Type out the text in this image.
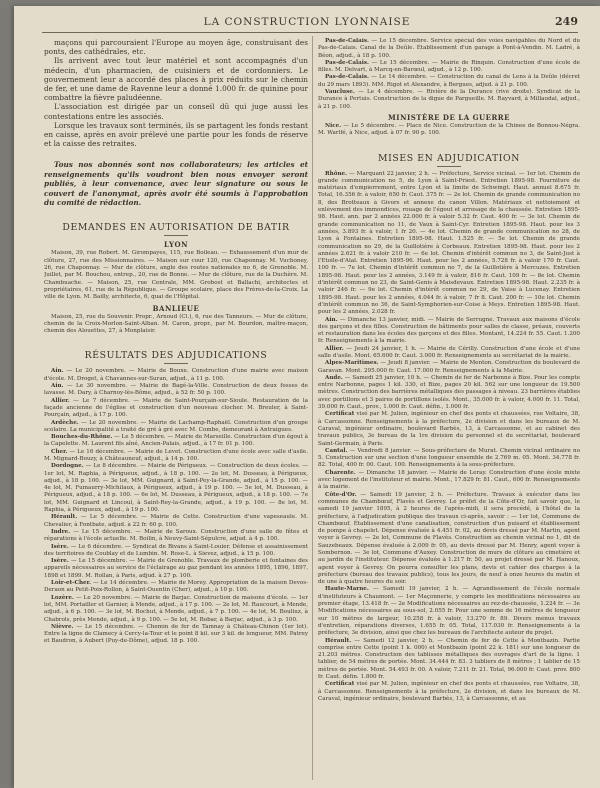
LA CONSTRUCTION LYONNAISE	249

maçons qui parcouraient l'Europe au moyen âge, construisant des ponts, des cathédrales, etc.

Ils arrivent avec tout leur matériel et sont accompagnés d'un médecin, d'un pharmacien, de cuisiniers et de cordonniers. Le gouvernement leur a accordé des places à prix réduits sur le chemin de fer, et une dame de Ravenne leur a donné 1.000 fr. de quinine pour combattre la fièvre paludéenne.

L'association est dirigée par un conseil dû qui juge aussi les contestations entre les associés.

Lorsque les travaux sont terminés, ils se partagent les fonds restant en caisse, après en avoir prélevé une partie pour les fonds de réserve et la caisse des retraites.

Tous nos abonnés sont nos collaborateurs; les articles et renseignements qu'ils voudront bien nous envoyer seront publiés, à leur convenance, avec leur signature ou sous le couvert de l'anonymat, après avoir été soumis à l'approbation du comité de rédaction.

DEMANDES EN AUTORISATION DE BATIR
LYON

Maison, 39, rue Robert. M. Girompayes, 115, rue Boileau. — Exhaussement d'un mur de clôture, 27, rue des Missionnaires. — Maison sur cour 120, rue Chaponnay. M. Vuchoney, 26, rue Chaponnay. — Mur de clôture, angle des routes nationales no 6, de Grenoble. M. Juillet, par M. Bouchou, entrep., 20, rue de Bonne. — Mur de clôture, rue de la Duchère. M. Chambuache. — Maison, 25, rue Centrale, MM. Grobost et Ballachi, architectes et propriétaires, 61, rue de la République. — Groupe scolaire, place des Frères-de-la-Croix. La ville de Lyon. M. Bailly, architecte, 6, quai de l'Hôpital.

BANLIEUE

Maison, 25, rue du Souvenir. Propr., Arnoud (Cl.), 6, rue des Tanneurs. — Mur de clôture, chemin de la Croix-Morlon-Saint-Alban. M. Caron, propr., par M. Bourdon, maître-maçon, chemin des Alouettes, 27, à Monplaisir.

RÉSULTATS DES ADJUDICATIONS

Ain. — Le 20 novembre. — Mairie de Bouxe. Construction d'une mairie avec maison d'école. M. Droget, à Chavannes-sur-Suran, adjud., à 11 p. 100.

Ain. — Le 30 novembre. — Mairie de Bagé-la-Ville. Construction de deux fosses de lavasse. M. Dary, à Charnoy-lès-Bôme, adjud., à 52 fr. 50 p. 100.

Allier. — Le 7 décembre. — Mairie de Saint-Pourçain-sur-Sioule. Restauration de la façade ancienne de l'église et construction d'un nouveau clocher. M. Breuler, à Saint-Pourçain, adjud., à 17 p. 100.

Ardèche. — Le 20 novembre. — Mairie de Lachamp-Raphaël. Construction d'un groupe scolaire. La municipalité a traité de gré à gré avec M. Combe, demeurant à Antraigues.

Bouches-du-Rhône. — Le 5 décembre. — Mairie de Marseille. Construction d'un égout à la Capelette. M. Laurent fils aîné, Ancien-Palais, adjud., à 17 fr. 01 p. 100.

Cher. — Le 16 décembre. — Mairie de Levet. Construction d'une école avec salle d'asile. M. Mignard-Bouzy, à Châteauneuf, adjud., à 14 p. 100.

Dordogne. — Le 8 décembre. — Mairie de Périgueux. — Construction de deux écoles. — 1er lot, M. Raphia, à Périgueux, adjud., à 18 p. 100. — 2e lot, M. Dusseau, à Périgueux, adjud., à 18 p. 100. — 3e lot, MM. Guignard, à Saint-Pey-la-Grande, adjud., à 15 p. 100. — 4e lot, M. Fumaurry-Michilaux, à Périgueux, adjud., à 19 p. 100. — 5e lot, M. Dusseau, à Périgueux, adjud., à 18 p. 100. — 6e lot, M. Dusseau, à Périgueux, adjud., à 18 p. 100. — 7e lot, MM. Guignard et Lincoul, à Saint-Rey-la-Grande, adjud., à 19 p. 100. — 8e lot, M. Raphia, à Périgueux, adjud., à 19 p. 100.

Hérault. — Le 5 décembre. — Mairie de Cette. Construction d'une vapeseaule. M. Chevalier, à Fontbate, adjud. à 22 fr. 60 p. 100.

Indre. — Le 15 décembre. — Mairie de Saroux. Construction d'une salle de fêtes et réparations à l'école actuelle. M. Boilin, à Neuvy-Saint-Sépulcre, adjud. à 4 p. 100.

Isère. — Le 6 décembre. — Syndicat de Bivans à Saint-Louier. Défense et assainissement des territoires de Coublay et de Lumbin. M. Rose-L. à Sievez, adjud., à 15 p. 100.

Isère. — Le 15 décembre. — Mairie de Grenoble. Travaux de plomberie et fontaines des appareils nécessaires au service de l'éclairage au gaz pendant les années 1895, 1896, 1897, 1898 et 1899. M. Rollan, à Paris, adjud. à 27 p. 100.

Loir-et-Cher. — Le 14 décembre. — Mairie de Morey. Appropriation de la maison Devos-Deraon au Petit-Poix-Rollon, à Saint-Ouentin (Cher), adjud., à 10 p. 100.

Lozère. — Le 20 novembre. — Mairie de Barjac. Construction de maisons d'école. — 1er lot, MM. Portailler et Garnier, à Mende, adjud., à 17 p. 100. — 2e lot, M. Raucourt, à Mende, adjud., à 6 p. 100. — 3e lot, M. Bochut, à Mende, adjud., à 7 p. 100. — 4e lot, M. Bouliuz, à Chabrols, près Mende, adjud., à 9 p. 100. — 5e lot, M. Bobar, à Barjac, adjud., à 3 p. 100.

Nièvre. — Le 15 décembre. — Chemin de fer de Tamnay à Château-Chinon (1er lot). Entre la ligne de Clamecy à Cercy-la-Tour et le point 8 kil. sur 3 kil. de longueur, MM. Patrey et Baudron, à Aubert (Puy-de-Dôme), adjud. 18 p. 100.

Pas-de-Calais. — Le 15 décembre. Service spécial des voies navigables du Nord et du Pas-de-Calais. Canal de la Deûle. Établissement d'un garage à Pont-à-Vendin. M. Ladré, à Béon, adjud., à 18 p. 100.

Pas-de-Calais. — Le 15 décembre. — Mairie de Rinquin. Construction d'une école de filles. M. Delvart, à Marcq-en-Barœul, adjud., à 12 p. 100.

Pas-de-Calais. — Le 14 décembre. — Construction du canal de Lens à la Deûle (décret du 29 mars 1893). MM. Rigot et Alexandre, à Bergues, adjud. à 21 p. 100.

Vaucluse. — Le 4 décembre. — Rivière de la Durance (rive droite). Syndicat de la Durance à Pertuis. Construction de la digue de Pargueille. M. Rayvard, à Millaudal, adjud., à 21 p. 100.

MINISTÈRE DE LA GUERRE

Nice. — Le 5 décembre. — Place de Nice. Construction de la Chinee de Bonnou-Négra. M. Warlfé, à Nice, adjud. à 07 fr. 90 p. 100.

MISES EN ADJUDICATION

Rhône. — Marquant 22 janvier, 2 h. — Préfecture, Service vicinal. — 1er lot. Chemin de grande communication no 5, de Lyon à Saint-Priest. Entretien 1895-98. Fourniture de matériaux d'empierrement, entre Lyon et la limite de Schwingt. Haut. annuel 8.675 fr. Total, 16.356 fr. à valoir, 650 fr. Caut. 375 fr. — 2e lot. Chemin de grande communication no 8, des Brotteaux à Givors et annexe du canon Villon. Matériaux et nettoiement et enlèvement des immondices, rouage de l'égout et arrosage de la chaussée. Entretien 1895-98. Haut. ann. par 2 années 22.000 fr. à valoir 5.32 fr. Caut. 400 fr. — 3e lot. Chemin de grande communication no 11, de Vaux à Saint-Cyr. Entretien 1895-98. Haut. pour les 3 années, 3.893 fr. à valoir, 1 fr 20. — 4e lot. Chemin de grande communication no 28, de Lyon à Fontaines. Entretien 1895-98. Haut. 1.525 fr. — 5e lot. Chemin de grande communication no 29, de la Guillotière à Corbeaux. Entretien 1895-98. Haut. pour les 2 années 2.621 fr. à valoir 210 fr. — 6e lot. Chemin d'intérêt commun no 3, de Saint-Just à l'Etoile-d'Alaï. Entretien 1895-96. Haut. pour les 2 années, 5.728 fr. à valoir 170 fr. Caut. 100 fr. — 7e lot. Chemin d'intérêt commun no 7, de la Guillotière à Mercuzes. Entretien 1895-98. Haut. pour les 2 années, 3.149 fr. à valoir, 816 fr. Caut. 109 fr. — 8e lot. Chemin d'intérêt commun no 23, de Saint-Genis à Maisdevaux. Entretien 1895-98. Haut. 2.235 fr. à valoir 246 fr. — 9e lot. Chemin d'intérêt commun no 29, de Vaise à Lucenay. Entretien 1895-98. Haut. pour les 2 années, 4.044 fr. à valoir, 7 fr 8. Caut. 200 fr. — 10e lot. Chemin d'intérêt commun no 36, de Saint-Symphorien-sur-Coise à Meys. Entretien 1895-98. Haut. pour les 2 années, 2.028 fr.

Ain. — Dimanche 13 janvier, midi. — Mairie de Serrugne. Travaux aux maisons d'école des garçons et des filles. Construction de bâtiments pour salles de classe, préaux, couverts et restauration dans les écoles des garçons et des filles. Montant, 14.224 fr. 55. Caut. 1.200 fr. Renseignements à la mairie.

Allier. — Jeudi 24 janvier, 1 h. — Mairie de Cérilly. Construction d'une école et d'une salle d'asile. Mont. 65.600 fr. Caut. 3.000 fr. Renseignements au secrétariat de la mairie.

Alpes-Maritimes. — Jeudi 8 janvier. — Mairie de Menton. Construction du boulevard de Garavan. Mont. 295.000 fr. Caut. 17.000 fr. Renseignements à la Mairie.

Aude. — Samedi 25 janvier, 10 h. — Chemin de fer de Narbonne à Bize. Pour les compte entre Narbonne, pages 1 kil. 330, et Bize, pages 20 kil. 562 sur une longueur de 19.500 mètres. Construction des barrières métalliques des passages à niveau. 23 barrières établies avec portillons et 3 paires de portillons isolés. Mont., 35.000 fr. à valoir, 4.000 fr. 11. Total, 39.000 fr. Caut., prov., 1.000 fr. Caut. défin., 1.000 fr.

Certificat visé par M. Julien, ingénieur en chef des ponts et chaussées, rue Voltaire, 38, à Carcassonne. Renseignements à la préfecture, 2e division et dans les bureaux de M. Caraval, ingénieur ordinaire, boulevard Barbès, 13, à Carcassonne, et au cabinet des travaux publics, 3e bureau de la 1re division du personnel et du secrétariat, boulevard Saint-Germain, à Paris.

Cantal. — Vendredi 8 janvier. — Sous-préfecture de Murat. Chemin vicinal ordinaire no 5. Construction sur une section d'une longueur ensemble de 2.769 m. 05. Mont. 34.778 fr. 82. Total, 400 fr. 00. Caut. 100. Renseignements à la sous-préfecture.

Charente. — Dimanche 18 janvier. — Mairie de Leray. Construction d'une école mixte avec logement de l'instituteur et mairie. Mont., 17.829 fr. 81. Caut., 600 fr. Renseignements à la mairie.

Côte-d'Or. — Samedi 19 janvier, 2 h. — Préfecture. Travaux à exécuter dans les communes de Chambœuf, Flavès et Gevrey. Le préfet de la Côte-d'Or, fait savoir que, le samedi 19 janvier 1895, à 2 heures de l'après-midi, il sera procédé, à l'hôtel de la préfecture, à l'adjudication publique des travaux ci-après, savoir : — 1er lot, Commune de Chambœuf. Établissement d'une canalisation, construction d'un puisard et établissement de pompe à chapelet. Dépense évaluée à 4.451 fr. 02, au devis dressé par M. Martin, agent voyer à Gevrey. — 2e lot, Commune de Flavès. Construction au chemin vicinal no 1, dit de Sauzebeaux. Dépense évaluée à 2.009 fr. 05, au devis dressé par M. Henry, agent voyer à Sombernon. — 3e lot, Commune d'Auxey. Construction de murs de clôture au cimetière et au jardin de l'instituteur. Dépense évaluée à 1.217 fr. 50, au projet dressé par M. Hanoux, agent voyer à Gevrey. On pourra consulter les plans, devis et cahier des charges à la préfecture (bureau des travaux publics), tous les jours, de neuf à onze heures du matin et de une à quatre heures du soir.

Haute-Marne. — Samedi 19 janvier, 2 h. — Agrandissement de l'école normale d'instituteurs à Chaumont. — 1er Maçonnerie, y compris les modifications nécessaires au premier étage, 13.418 fr. — 2e Modifications nécessaires au rez-de-chaussée, 1.224 fr. — 3e Modifications nécessaires au sous-sol, 2.055 fr. Pour une somme de 16 mètres de longueur sur 10 mètres de largeur, 10.258 fr. à valoir, 13.270 fr. 89. Divers menus travaux d'entretien, réparations diverses, 1.655 fr. 05. Total, 117.030 fr. Renseignements à la préfecture, 3e division, ainsi que chez les bureaux de l'architecte auteur du projet.

Hérault. — Samedi 12 janvier, 2 h. — Chemin de fer de Cette à Montbazin. Partie comprise entre Cette (point 1 k. 000) et Montbazin (point 22 k. 181) sur une longueur de 21.203 mètres. Construction des tablisses métalliques des ouvrages d'art de la ligne. 1 tablier, de 54 mètres de portée. Mont. 34.444 fr. 83. 3 tabliers de 8 mètres ; 1 tablier de 15 mètres de portée. Mont. 54.493 fr. 00. A valoir, 7.211 fr. 21. Total, 96.000 fr. Caut. prov. 800 fr. Caut. défin. 1.800 fr.

Certificat visé par M. Julien, ingénieur en chef des ponts et chaussées, rue Voltaire, 38, à Carcassonne. Renseignements à la préfecture, 2e division, et dans les bureaux de M. Caraval, ingénieur ordinaire, boulevard Barbès, 13, à Carcassonne, et au
